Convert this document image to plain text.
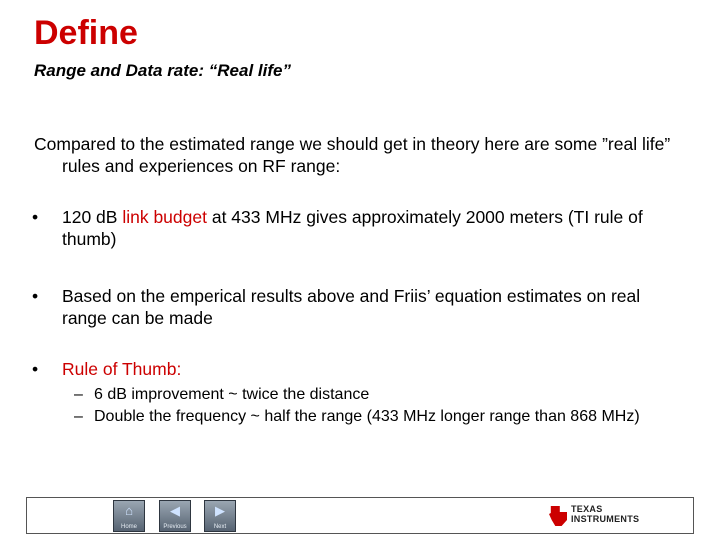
Define

Range and Data rate: “Real life”

Compared to the estimated range we should get in theory here are some ”real life” rules and experiences on RF range:

•	120 dB link budget at 433 MHz gives approximately 2000 meters (TI rule of thumb)

•	Based on the emperical results above and Friis’ equation estimates on real range can be made

•	Rule of Thumb:

– 6 dB improvement ~ twice the distance

– Double the frequency ~ half the range (433 MHz longer range than 868 MHz)

⌂
Home
◀
Previous
▶
Next
TEXAS
INSTRUMENTS
